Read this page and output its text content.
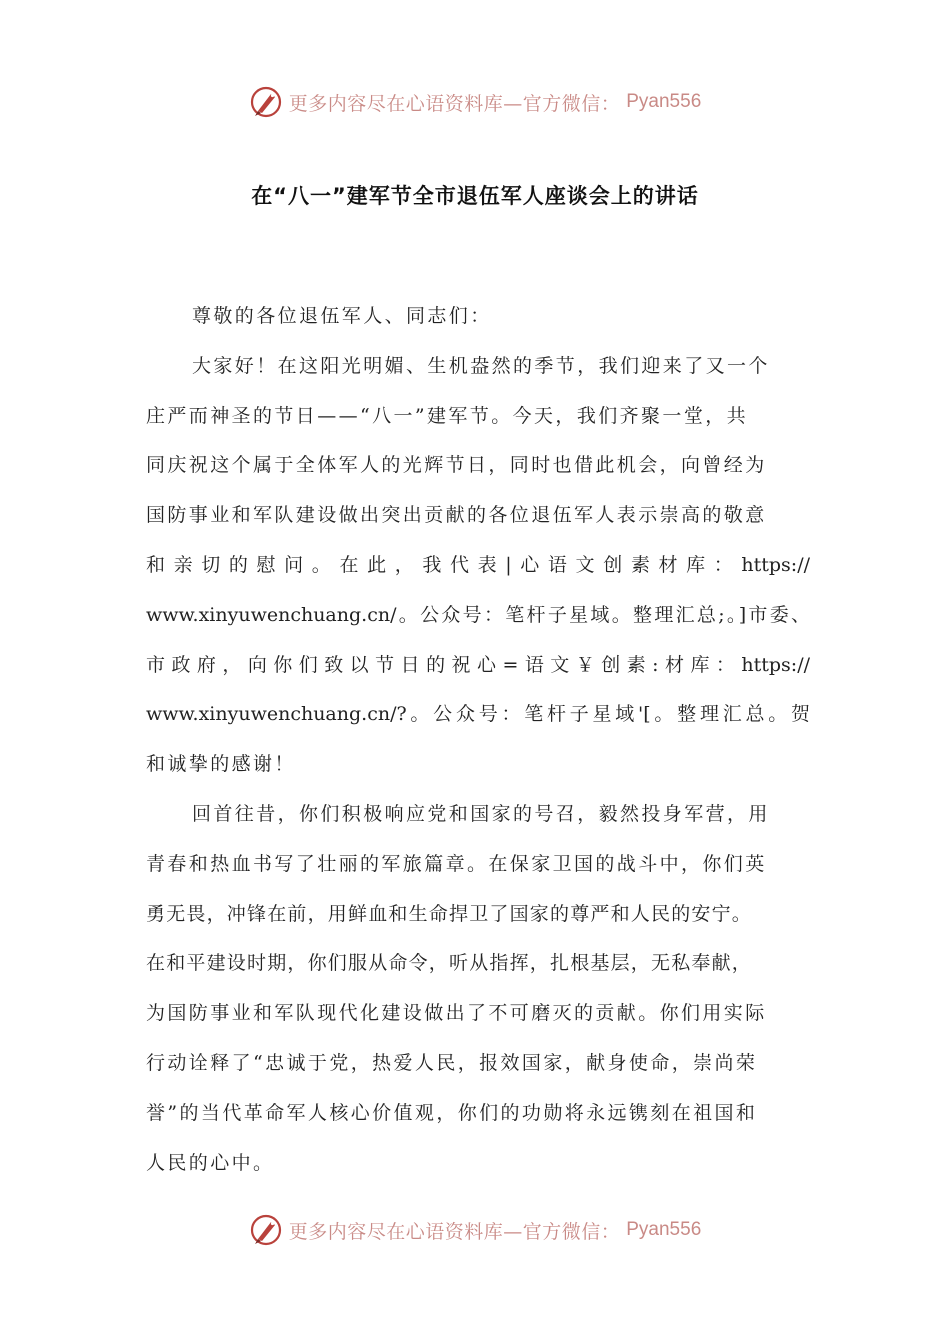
更多内容尽在心语资料库—官方微信： Pyan556
在“八一”建军节全市退伍军人座谈会上的讲话
尊敬的各位退伍军人、同志们：
大家好！在这阳光明媚、生机盎然的季节，我们迎来了又一个
庄严而神圣的节日——“八一”建军节。今天，我们齐聚一堂，共
同庆祝这个属于全体军人的光辉节日，同时也借此机会，向曾经为
国防事业和军队建设做出突出贡献的各位退伍军人表示崇高的敬意
和亲切的慰问。在此，我代表|心语文创素材库：https://
www.xinyuwenchuang.cn/。公众号：笔杆子星域。整理汇总;。]市委、
市政府，向你们致以节日的祝心=语文￥创素:材库：https://
www.xinyuwenchuang.cn/?。公众号：笔杆子星域'[。整理汇总。贺
和诚挚的感谢！
回首往昔，你们积极响应党和国家的号召，毅然投身军营，用
青春和热血书写了壮丽的军旅篇章。在保家卫国的战斗中，你们英
勇无畏，冲锋在前，用鲜血和生命捍卫了国家的尊严和人民的安宁。
在和平建设时期，你们服从命令，听从指挥，扎根基层，无私奉献，
为国防事业和军队现代化建设做出了不可磨灭的贡献。你们用实际
行动诠释了“忠诚于党，热爱人民，报效国家，献身使命，崇尚荣
誉”的当代革命军人核心价值观，你们的功勋将永远镌刻在祖国和
人民的心中。
更多内容尽在心语资料库—官方微信： Pyan556
